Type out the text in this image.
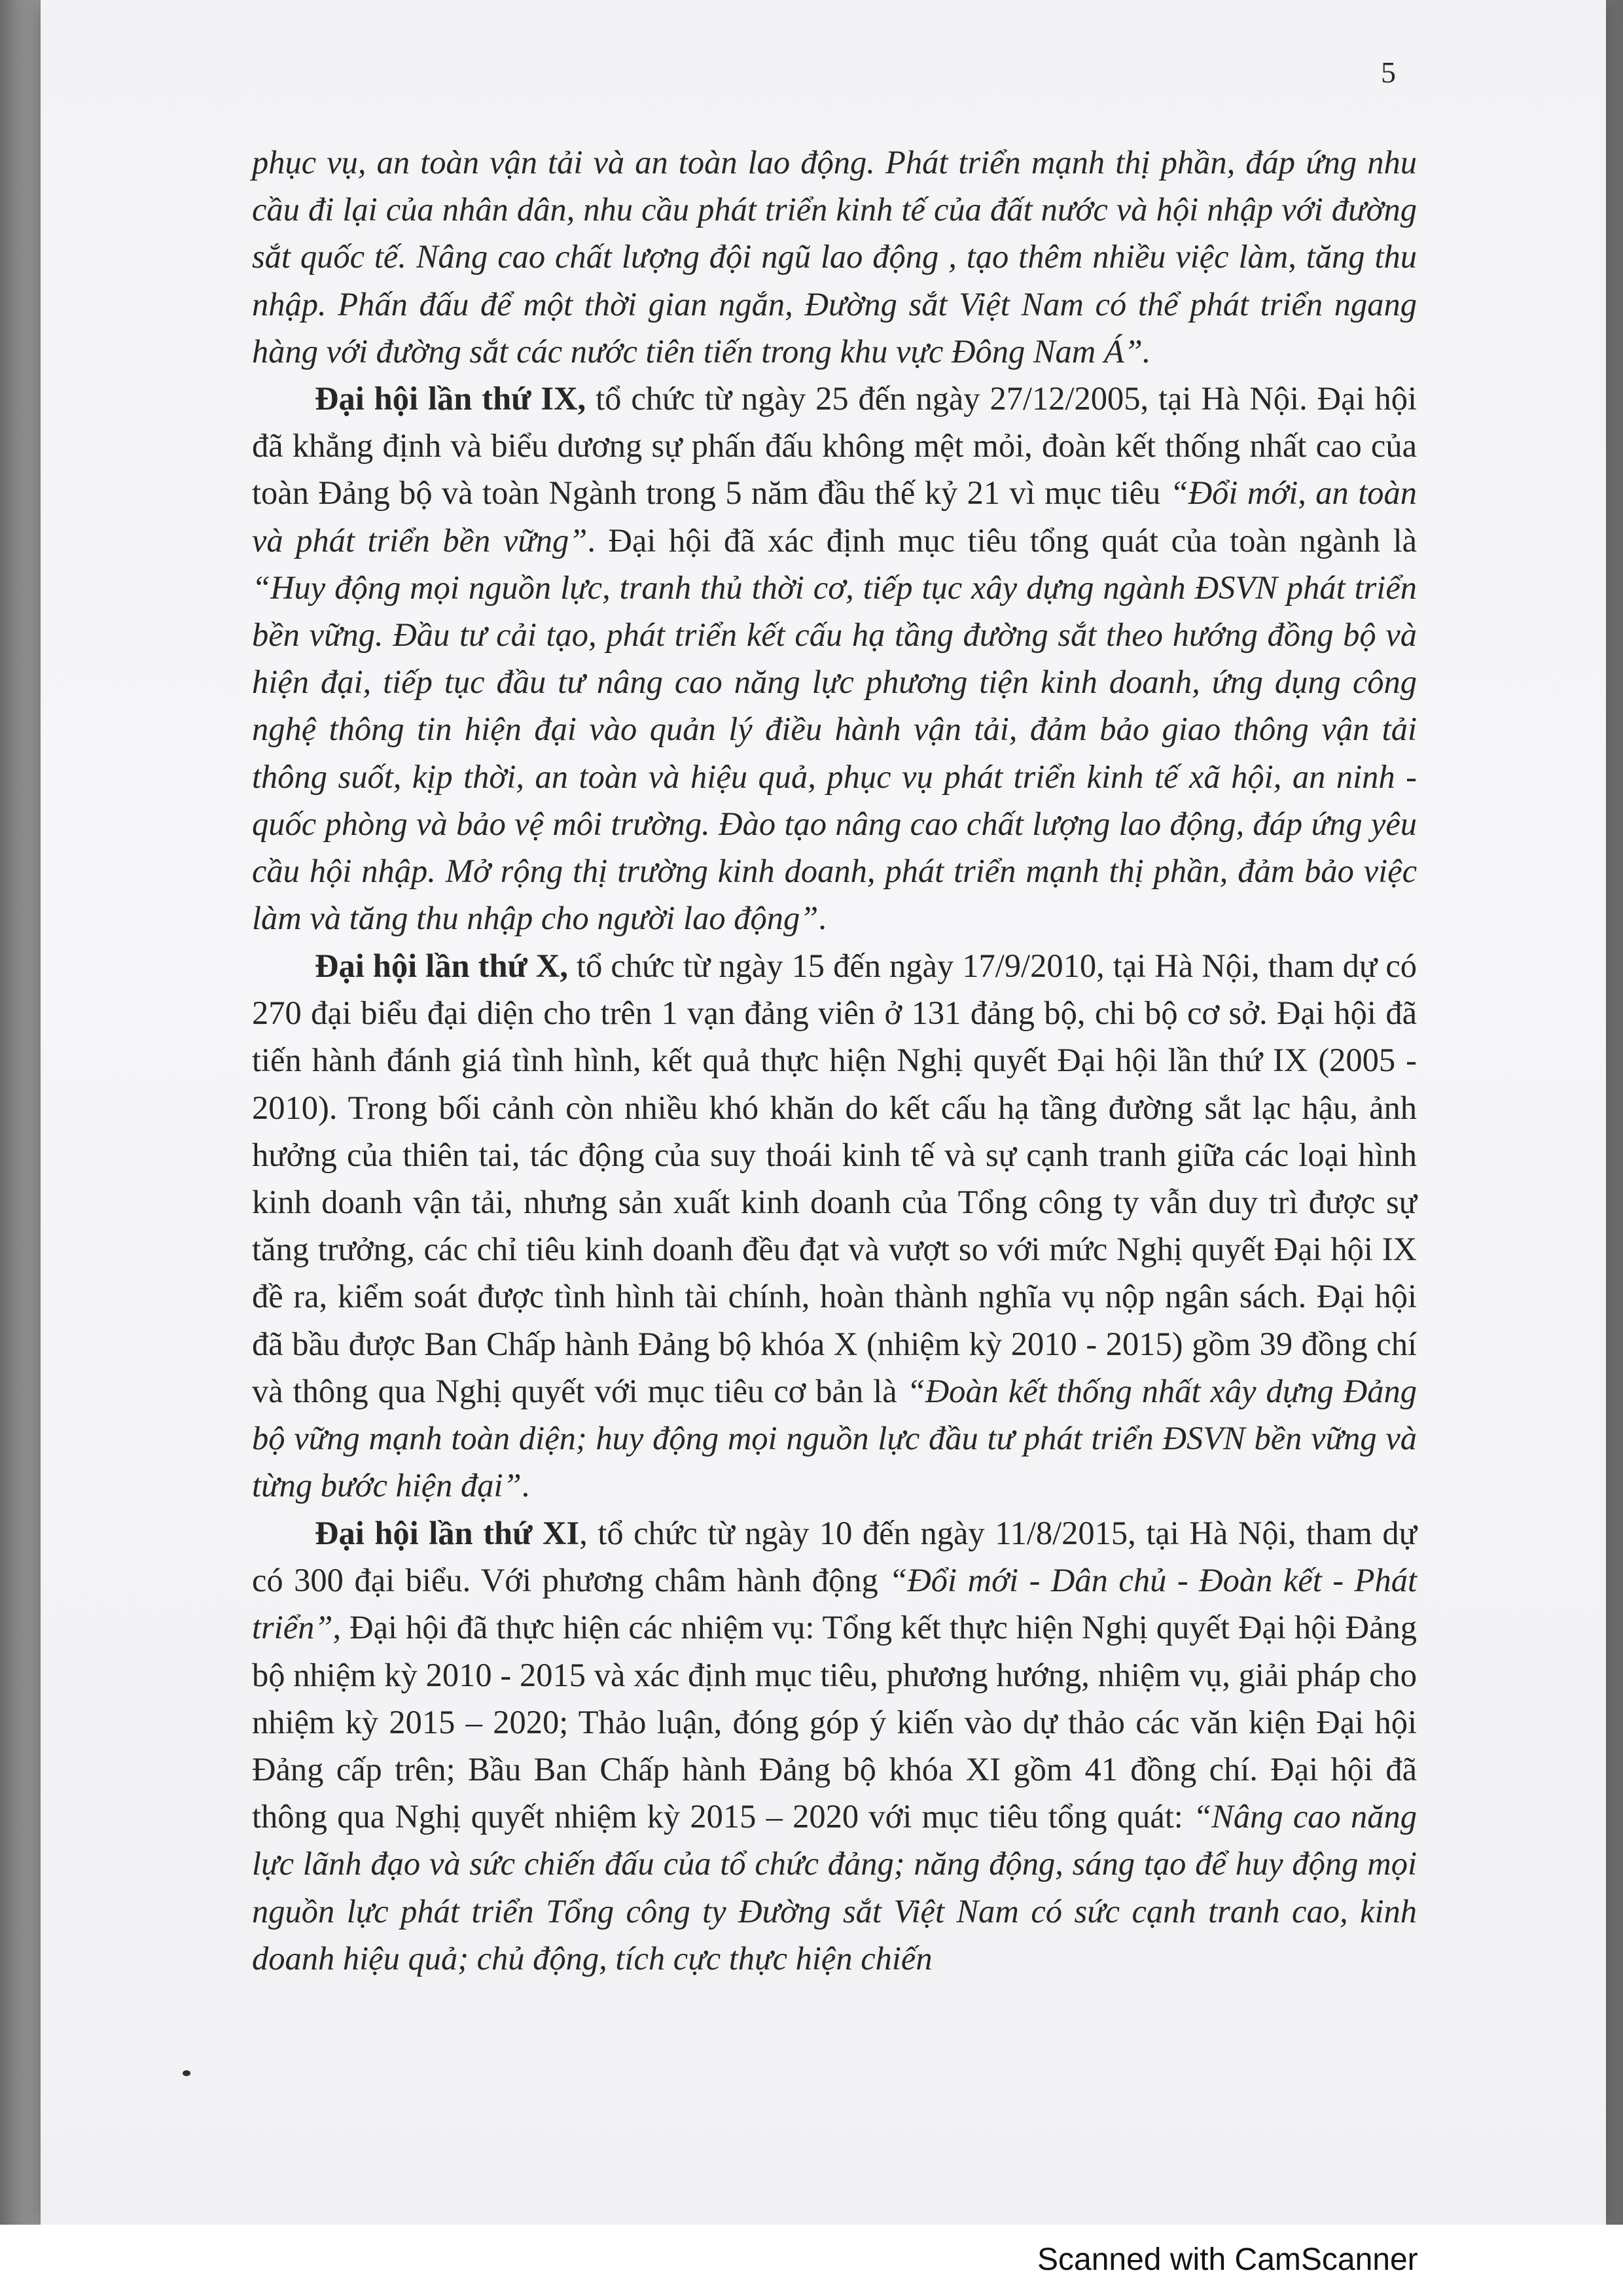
5

phục vụ, an toàn vận tải và an toàn lao động. Phát triển mạnh thị phần, đáp ứng nhu cầu đi lại của nhân dân, nhu cầu phát triển kinh tế của đất nước và hội nhập với đường sắt quốc tế. Nâng cao chất lượng đội ngũ lao động , tạo thêm nhiều việc làm, tăng thu nhập. Phấn đấu để một thời gian ngắn, Đường sắt Việt Nam có thể phát triển ngang hàng với đường sắt các nước tiên tiến trong khu vực Đông Nam Á”.

Đại hội lần thứ IX, tổ chức từ ngày 25 đến ngày 27/12/2005, tại Hà Nội. Đại hội đã khẳng định và biểu dương sự phấn đấu không mệt mỏi, đoàn kết thống nhất cao của toàn Đảng bộ và toàn Ngành trong 5 năm đầu thế kỷ 21 vì mục tiêu “Đổi mới, an toàn và phát triển bền vững”. Đại hội đã xác định mục tiêu tổng quát của toàn ngành là “Huy động mọi nguồn lực, tranh thủ thời cơ, tiếp tục xây dựng ngành ĐSVN phát triển bền vững. Đầu tư cải tạo, phát triển kết cấu hạ tầng đường sắt theo hướng đồng bộ và hiện đại, tiếp tục đầu tư nâng cao năng lực phương tiện kinh doanh, ứng dụng công nghệ thông tin hiện đại vào quản lý điều hành vận tải, đảm bảo giao thông vận tải thông suốt, kịp thời, an toàn và hiệu quả, phục vụ phát triển kinh tế xã hội, an ninh - quốc phòng và bảo vệ môi trường. Đào tạo nâng cao chất lượng lao động, đáp ứng yêu cầu hội nhập. Mở rộng thị trường kinh doanh, phát triển mạnh thị phần, đảm bảo việc làm và tăng thu nhập cho người lao động”.

Đại hội lần thứ X, tổ chức từ ngày 15 đến ngày 17/9/2010, tại Hà Nội, tham dự có 270 đại biểu đại diện cho trên 1 vạn đảng viên ở 131 đảng bộ, chi bộ cơ sở. Đại hội đã tiến hành đánh giá tình hình, kết quả thực hiện Nghị quyết Đại hội lần thứ IX (2005 - 2010). Trong bối cảnh còn nhiều khó khăn do kết cấu hạ tầng đường sắt lạc hậu, ảnh hưởng của thiên tai, tác động của suy thoái kinh tế và sự cạnh tranh giữa các loại hình kinh doanh vận tải, nhưng sản xuất kinh doanh của Tổng công ty vẫn duy trì được sự tăng trưởng, các chỉ tiêu kinh doanh đều đạt và vượt so với mức Nghị quyết Đại hội IX đề ra, kiểm soát được tình hình tài chính, hoàn thành nghĩa vụ nộp ngân sách. Đại hội đã bầu được Ban Chấp hành Đảng bộ khóa X (nhiệm kỳ 2010 - 2015) gồm 39 đồng chí và thông qua Nghị quyết với mục tiêu cơ bản là “Đoàn kết thống nhất xây dựng Đảng bộ vững mạnh toàn diện; huy động mọi nguồn lực đầu tư phát triển ĐSVN bền vững và từng bước hiện đại”.

Đại hội lần thứ XI, tổ chức từ ngày 10 đến ngày 11/8/2015, tại Hà Nội, tham dự có 300 đại biểu. Với phương châm hành động “Đổi mới - Dân chủ - Đoàn kết - Phát triển”, Đại hội đã thực hiện các nhiệm vụ: Tổng kết thực hiện Nghị quyết Đại hội Đảng bộ nhiệm kỳ 2010 - 2015 và xác định mục tiêu, phương hướng, nhiệm vụ, giải pháp cho nhiệm kỳ 2015 – 2020; Thảo luận, đóng góp ý kiến vào dự thảo các văn kiện Đại hội Đảng cấp trên; Bầu Ban Chấp hành Đảng bộ khóa XI gồm 41 đồng chí. Đại hội đã thông qua Nghị quyết nhiệm kỳ 2015 – 2020 với mục tiêu tổng quát: “Nâng cao năng lực lãnh đạo và sức chiến đấu của tổ chức đảng; năng động, sáng tạo để huy động mọi nguồn lực phát triển Tổng công ty Đường sắt Việt Nam có sức cạnh tranh cao, kinh doanh hiệu quả; chủ động, tích cực thực hiện chiến

Scanned with CamScanner
